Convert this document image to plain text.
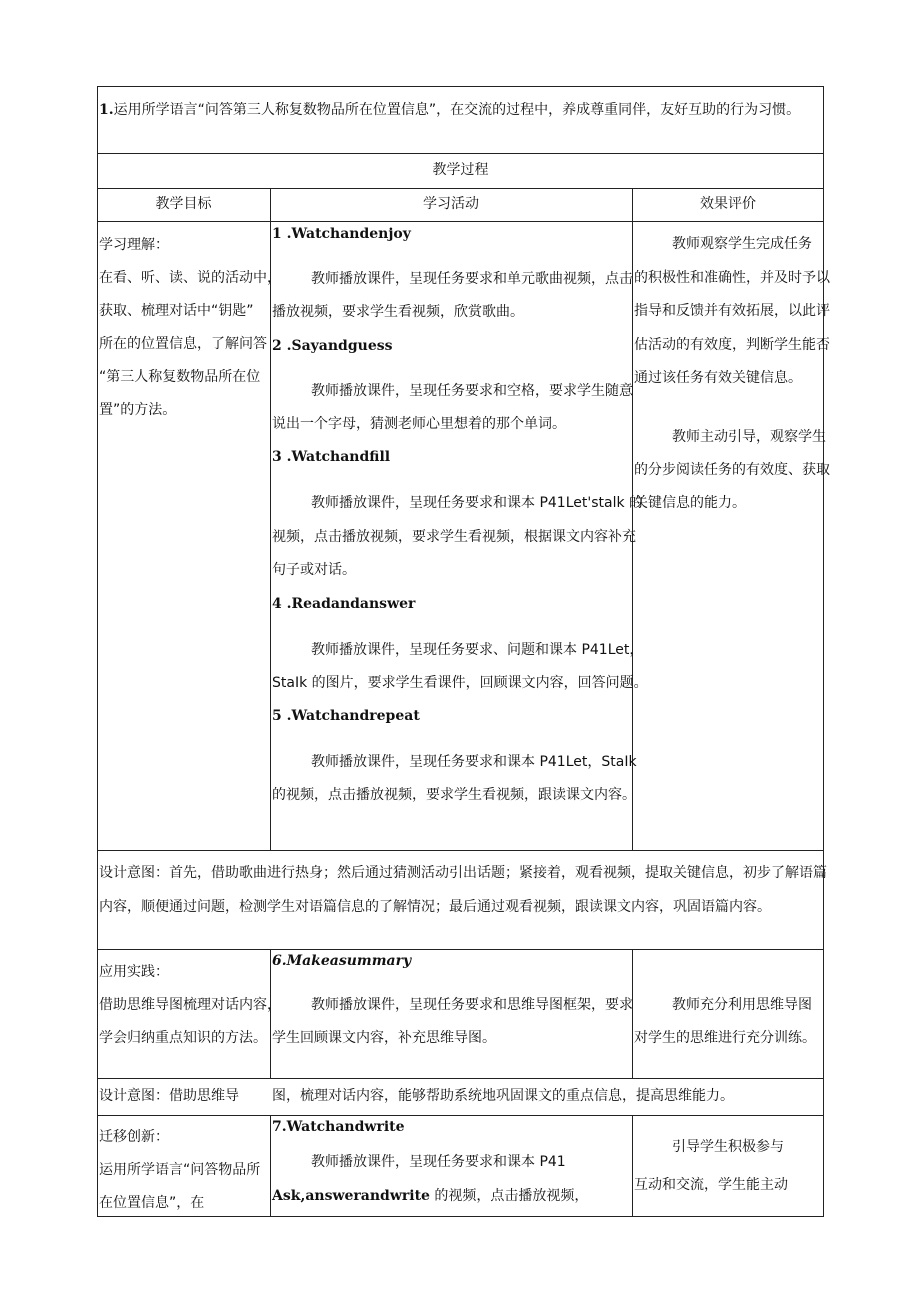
1.运用所学语言“问答第三人称复数物品所在位置信息”，在交流的过程中，养成尊重同伴，友好互助的行为习惯。
教学过程
教学目标	学习活动	效果评价
学习理解：
在看、听、读、说的活动中，
获取、梳理对话中“钥匙”
所在的位置信息，了解问答
“第三人称复数物品所在位
置”的方法。
1 .Watchandenjoy
教师播放课件，呈现任务要求和单元歌曲视频，点击
播放视频，要求学生看视频，欣赏歌曲。
2 .Sayandguess
教师播放课件，呈现任务要求和空格，要求学生随意
说出一个字母，猜测老师心里想着的那个单词。
3 .Watchandfill
教师播放课件，呈现任务要求和课本 P41Let'stalk 的
视频，点击播放视频，要求学生看视频，根据课文内容补充
句子或对话。
4 .Readandanswer
教师播放课件，呈现任务要求、问题和课本 P41Let，
StaIk 的图片，要求学生看课件，回顾课文内容，回答问题。
5 .Watchandrepeat
教师播放课件，呈现任务要求和课本 P41Let，StaIk
的视频，点击播放视频，要求学生看视频，跟读课文内容。
教师观察学生完成任务
的积极性和准确性，并及时予以
指导和反馈并有效拓展，以此评
估活动的有效度，判断学生能否
通过该任务有效关键信息。
教师主动引导，观察学生
的分步阅读任务的有效度、获取
关键信息的能力。
设计意图：首先，借助歌曲进行热身；然后通过猜测活动引出话题；紧接着，观看视频，提取关键信息，初步了解语篇
内容，顺便通过问题，检测学生对语篇信息的了解情况；最后通过观看视频，跟读课文内容，巩固语篇内容。
应用实践：
借助思维导图梳理对话内容，
学会归纳重点知识的方法。
6.Makeasummary
教师播放课件，呈现任务要求和思维导图框架，要求
学生回顾课文内容，补充思维导图。
教师充分利用思维导图
对学生的思维进行充分训练。
设计意图：借助思维导 图，梳理对话内容，能够帮助系统地巩固课文的重点信息，提高思维能力。
迁移创新：
运用所学语言“问答物品所
在位置信息”，在
7.Watchandwrite
教师播放课件，呈现任务要求和课本 P41
Ask,answerandwrite 的视频，点击播放视频，
引导学生积极参与
互动和交流，学生能主动
